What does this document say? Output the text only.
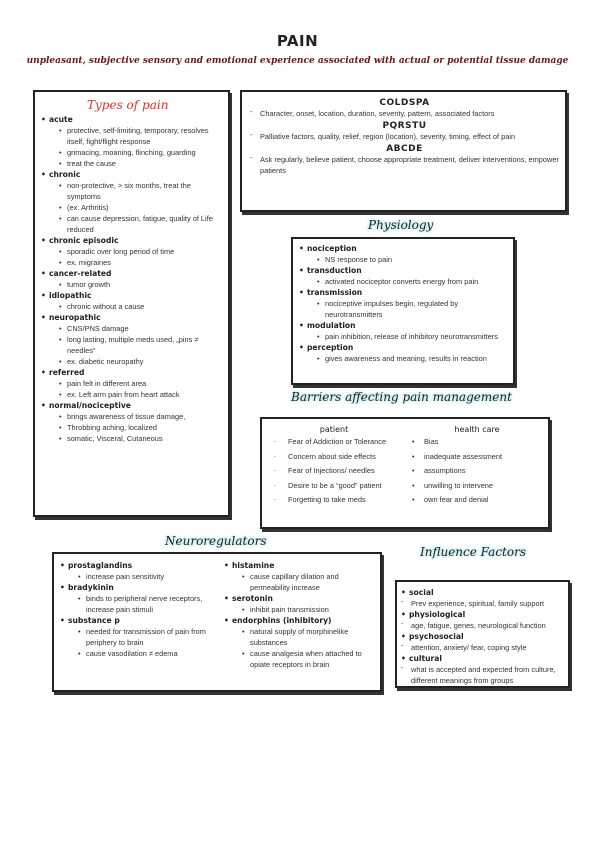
PAIN
unpleasant, subjective sensory and emotional experience associated with actual or potential tissue damage
Types of pain
• acute
• protective, self-limiting, temporary, resolves itself, fight/flight response
• grimacing, moaning, flinching, guarding
• treat the cause
• chronic
• non-protective, > six months, treat the symptoms
• (ex. Arthritis)
• can cause depression, fatigue, quality of Life reduced
• chronic episodic
• sporadic over long period of time
• ex. migraines
• cancer-related
• tumor growth
• idiopathic
• chronic without a cause
• neuropathic
• CNS/PNS damage
• long lasting, multiple meds used, „pins ≠ needles“
• ex. diabetic neuropathy
• referred
• pain felt in different area
• ex. Left arm pain from heart attack
• normal/nociceptive
• brings awareness of tissue damage,
• Throbbing aching, localized
• somatic, Visceral, Cutaneous
COLDSPA
- Character, onset, location, duration, severity, pattern, associated factors
PQRSTU
- Palliative factors, quality, relief, region (location), severity, timing, effect of pain
ABCDE
- Ask regularly, believe patient, choose appropriate treatment, deliver interventions, empower patients
Physiology
• nociception
• NS response to pain
• transduction
• activated nociceptor converts energy from pain
• transmission
• nociceptive impulses begin, regulated by neurotransmitters
• modulation
• pain inhibition, release of inhibitory neurotransmitters
• perception
• gives awareness and meaning, results in reaction
Barriers affecting pain management
patient
. Fear of Addiction or Tolerance
. Concern about side effects
. Fear of Injections/ needles
. Desire to be a “good” patient
. Forgetting to take meds
health care
• Bias
• inadequate assessment
• assumptions
• unwilling to intervene
• own fear and denial
Neuroregulators
• prostaglandins
• increase pain sensitivity
• bradykinin
• binds to peripheral nerve receptors, increase pain stimuli
• substance p
• needed for transmission of pain from periphery to brain
• cause vasodilation ≠ edema
• histamine
• cause capillary dilation and permeability increase
• serotonin
• inhibit pain transmission
• endorphins (inhibitory)
• natural supply of morphinelike substances
• cause analgesia when attached to opiate receptors in brain
Influence Factors
• social
- Prev experience, spiritual, family support
• physiological
- age, fatigue, genes, neurological function
• psychosocial
- attention, anxiety/ fear, coping style
• cultural
- what is accepted and expected from culture, different meanings from groups
